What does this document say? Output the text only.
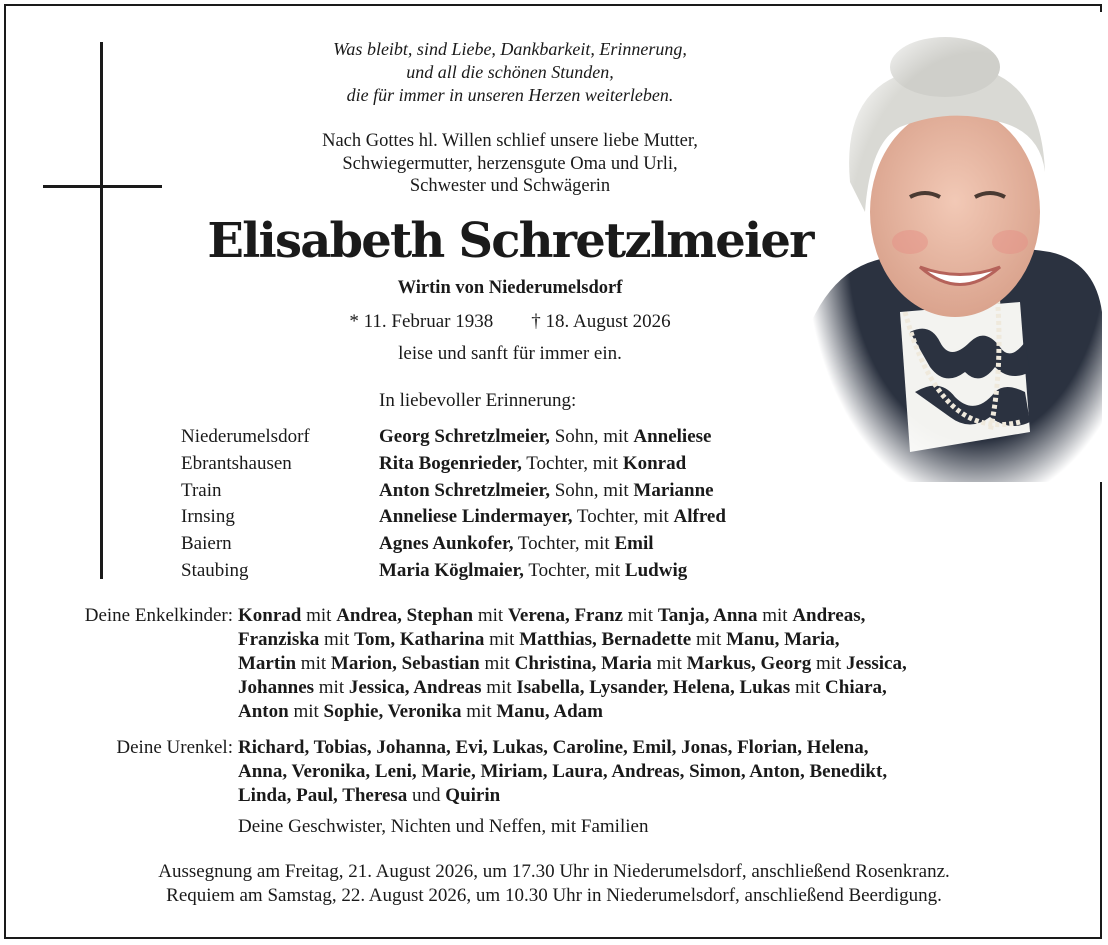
Was bleibt, sind Liebe, Dankbarkeit, Erinnerung,
und all die schönen Stunden,
die für immer in unseren Herzen weiterleben.
Nach Gottes hl. Willen schlief unsere liebe Mutter,
Schwiegermutter, herzensgute Oma und Urli,
Schwester und Schwägerin
Elisabeth Schretzlmeier
Wirtin von Niederumelsdorf
* 11. Februar 1938 † 18. August 2026
leise und sanft für immer ein.
In liebevoller Erinnerung:
Niederumelsdorf	Georg Schretzlmeier, Sohn, mit Anneliese
Ebrantshausen	Rita Bogenrieder, Tochter, mit Konrad
Train	Anton Schretzlmeier, Sohn, mit Marianne
Irnsing	Anneliese Lindermayer, Tochter, mit Alfred
Baiern	Agnes Aunkofer, Tochter, mit Emil
Staubing	Maria Köglmaier, Tochter, mit Ludwig
Deine Enkelkinder: Konrad mit Andrea, Stephan mit Verena, Franz mit Tanja, Anna mit Andreas,
Franziska mit Tom, Katharina mit Matthias, Bernadette mit Manu, Maria,
Martin mit Marion, Sebastian mit Christina, Maria mit Markus, Georg mit Jessica,
Johannes mit Jessica, Andreas mit Isabella, Lysander, Helena, Lukas mit Chiara,
Anton mit Sophie, Veronika mit Manu, Adam
Deine Urenkel: Richard, Tobias, Johanna, Evi, Lukas, Caroline, Emil, Jonas, Florian, Helena,
Anna, Veronika, Leni, Marie, Miriam, Laura, Andreas, Simon, Anton, Benedikt,
Linda, Paul, Theresa und Quirin
Deine Geschwister, Nichten und Neffen, mit Familien
Aussegnung am Freitag, 21. August 2026, um 17.30 Uhr in Niederumelsdorf, anschließend Rosenkranz.
Requiem am Samstag, 22. August 2026, um 10.30 Uhr in Niederumelsdorf, anschließend Beerdigung.
